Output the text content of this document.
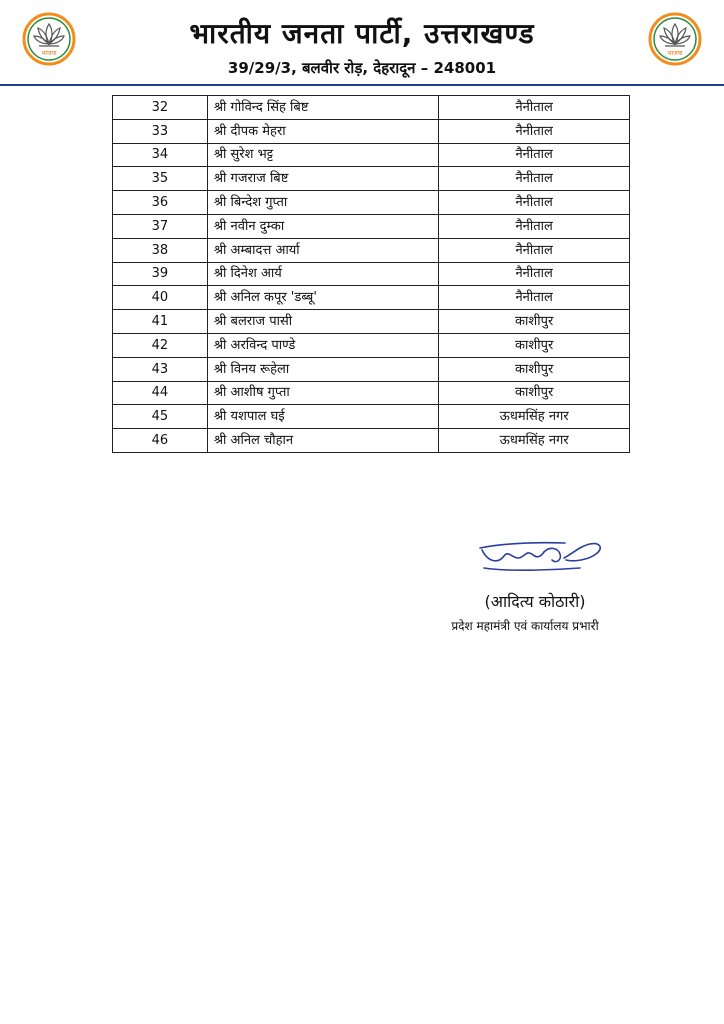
भाजपा	भाजपा
भारतीय जनता पार्टी, उत्तराखण्ड
39/29/3, बलवीर रोड़, देहरादून – 248001
32	श्री गोविन्द सिंह बिष्ट	नैनीताल
33	श्री दीपक मेहरा	नैनीताल
34	श्री सुरेश भट्ट	नैनीताल
35	श्री गजराज बिष्ट	नैनीताल
36	श्री बिन्देश गुप्ता	नैनीताल
37	श्री नवीन दुम्का	नैनीताल
38	श्री अम्बादत्त आर्या	नैनीताल
39	श्री दिनेश आर्य	नैनीताल
40	श्री अनिल कपूर 'डब्बू'	नैनीताल
41	श्री बलराज पासी	काशीपुर
42	श्री अरविन्द पाण्डे	काशीपुर
43	श्री विनय रूहेला	काशीपुर
44	श्री आशीष गुप्ता	काशीपुर
45	श्री यशपाल घई	ऊधमसिंह नगर
46	श्री अनिल चौहान	ऊधमसिंह नगर
(आदित्य कोठारी)
प्रदेश महामंत्री एवं कार्यालय प्रभारी
